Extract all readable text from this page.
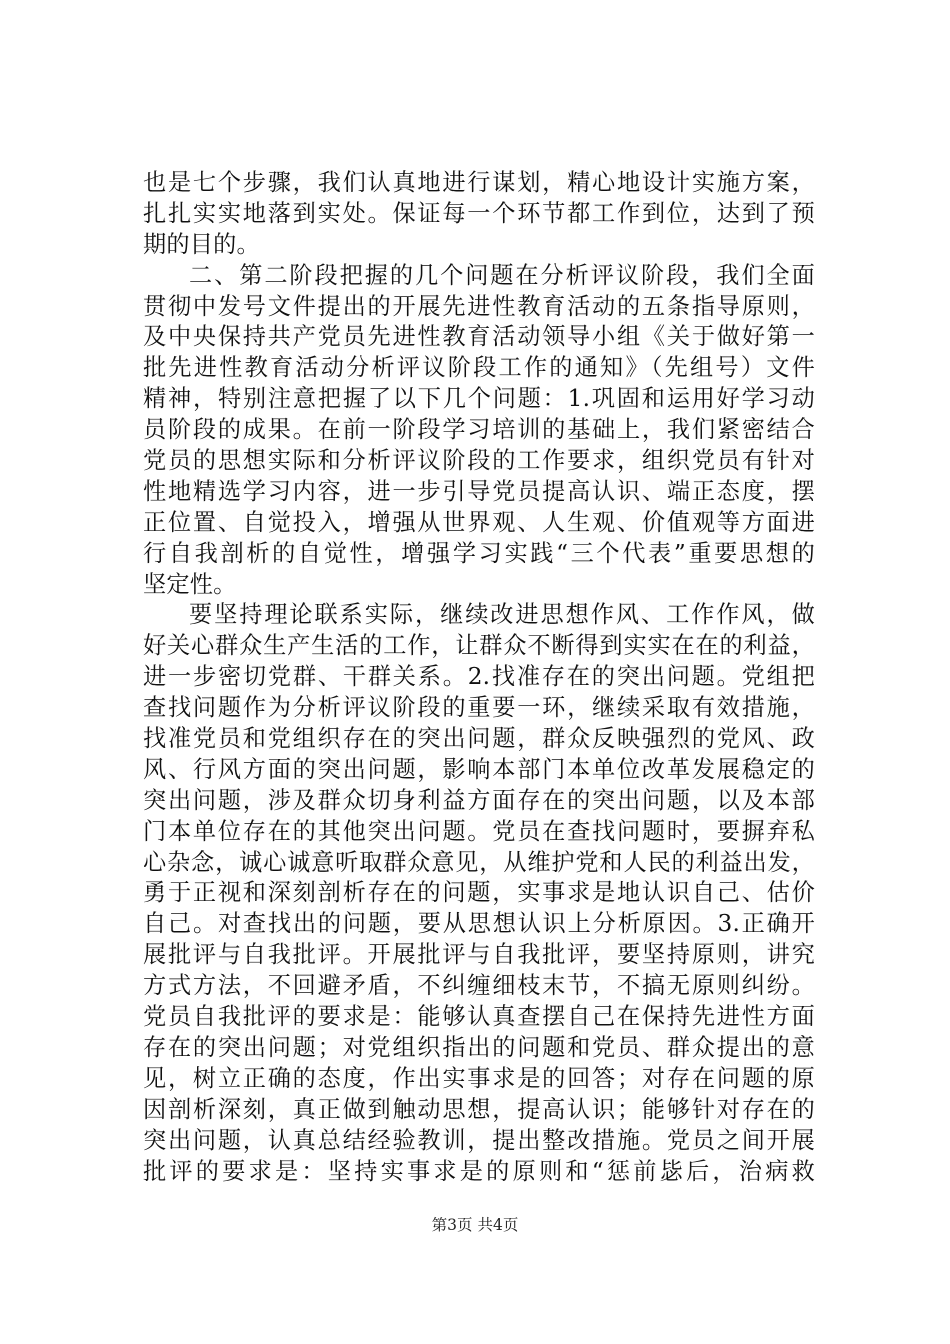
也是七个步骤，我们认真地进行谋划，精心地设计实施方案，
扎扎实实地落到实处。保证每一个环节都工作到位，达到了预
期的目的。
二、第二阶段把握的几个问题在分析评议阶段，我们全面
贯彻中发号文件提出的开展先进性教育活动的五条指导原则，
及中央保持共产党员先进性教育活动领导小组《关于做好第一
批先进性教育活动分析评议阶段工作的通知》（先组号）文件
精神，特别注意把握了以下几个问题：1.巩固和运用好学习动
员阶段的成果。在前一阶段学习培训的基础上，我们紧密结合
党员的思想实际和分析评议阶段的工作要求，组织党员有针对
性地精选学习内容，进一步引导党员提高认识、端正态度，摆
正位置、自觉投入，增强从世界观、人生观、价值观等方面进
行自我剖析的自觉性，增强学习实践“三个代表”重要思想的
坚定性。
要坚持理论联系实际，继续改进思想作风、工作作风，做
好关心群众生产生活的工作，让群众不断得到实实在在的利益，
进一步密切党群、干群关系。2.找准存在的突出问题。党组把
查找问题作为分析评议阶段的重要一环，继续采取有效措施，
找准党员和党组织存在的突出问题，群众反映强烈的党风、政
风、行风方面的突出问题，影响本部门本单位改革发展稳定的
突出问题，涉及群众切身利益方面存在的突出问题，以及本部
门本单位存在的其他突出问题。党员在查找问题时，要摒弃私
心杂念，诚心诚意听取群众意见，从维护党和人民的利益出发，
勇于正视和深刻剖析存在的问题，实事求是地认识自己、估价
自己。对查找出的问题，要从思想认识上分析原因。3.正确开
展批评与自我批评。开展批评与自我批评，要坚持原则，讲究
方式方法，不回避矛盾，不纠缠细枝末节，不搞无原则纠纷。
党员自我批评的要求是：能够认真查摆自己在保持先进性方面
存在的突出问题；对党组织指出的问题和党员、群众提出的意
见，树立正确的态度，作出实事求是的回答；对存在问题的原
因剖析深刻，真正做到触动思想，提高认识；能够针对存在的
突出问题，认真总结经验教训，提出整改措施。党员之间开展
批评的要求是：坚持实事求是的原则和“惩前毖后，治病救
第3页 共4页
